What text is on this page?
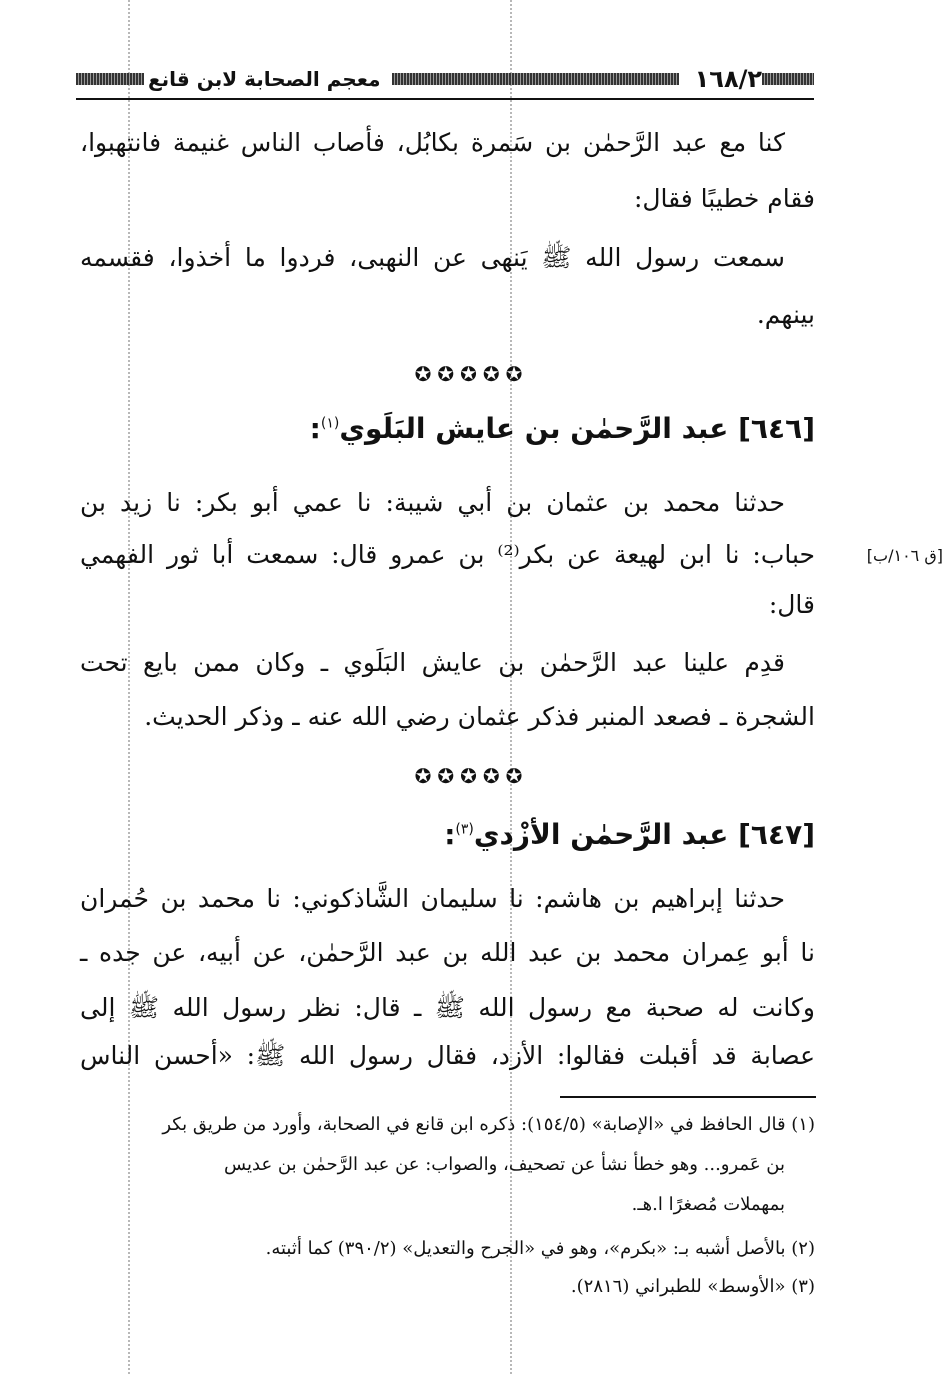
١٦٨/٢
معجم الصحابة لابن قانع
كنا مع عبد الرَّحمٰن بن سَمرة بكابُل، فأصاب الناس غنيمة فانتهبوا،
فقام خطيبًا فقال:
سمعت رسول الله ﷺ يَنهى عن النهبى، فردوا ما أخذوا، فقسمه
بينهم.
✪✪✪✪✪
[٦٤٦] عبد الرَّحمٰن بن عايش البَلَوي$^{(١)}$:
حدثنا محمد بن عثمان بن أبي شيبة: نا عمي أبو بكر: نا زيد بن
[ق ١٠٦/ب]
حباب: نا ابن لهيعة عن بكر⁽²⁾ بن عمرو قال: سمعت أبا ثور الفهمي
قال:
قدِم علينا عبد الرَّحمٰن بن عايش البَلَوي ـ وكان ممن بايع تحت
الشجرة ـ فصعد المنبر فذكر عثمان رضي الله عنه ـ وذكر الحديث.
✪✪✪✪✪
[٦٤٧] عبد الرَّحمٰن الأزْدي$^{(٣)}$:
حدثنا إبراهيم بن هاشم: نا سليمان الشَّاذكوني: نا محمد بن حُمران
نا أبو عِمران محمد بن عبد الله بن عبد الرَّحمٰن، عن أبيه، عن جده ـ
وكانت له صحبة مع رسول الله ﷺ ـ قال: نظر رسول الله ﷺ إلى
عصابة قد أقبلت فقالوا: الأزد، فقال رسول الله ﷺ: «أحسن الناس
(١) قال الحافظ في «الإصابة» (١٥٤/٥): ذكره ابن قانع في الصحابة، وأورد من طريق بكر
بن عَمرو... وهو خطأ نشأ عن تصحيف، والصواب: عن عبد الرَّحمٰن بن عديس
بمهملات مُصغرًا ا.هـ.
(٢) بالأصل أشبه بـ: «بكرم»، وهو في «الجرح والتعديل» (٣٩٠/٢) كما أثبته.
(٣) «الأوسط» للطبراني (٢٨١٦).
